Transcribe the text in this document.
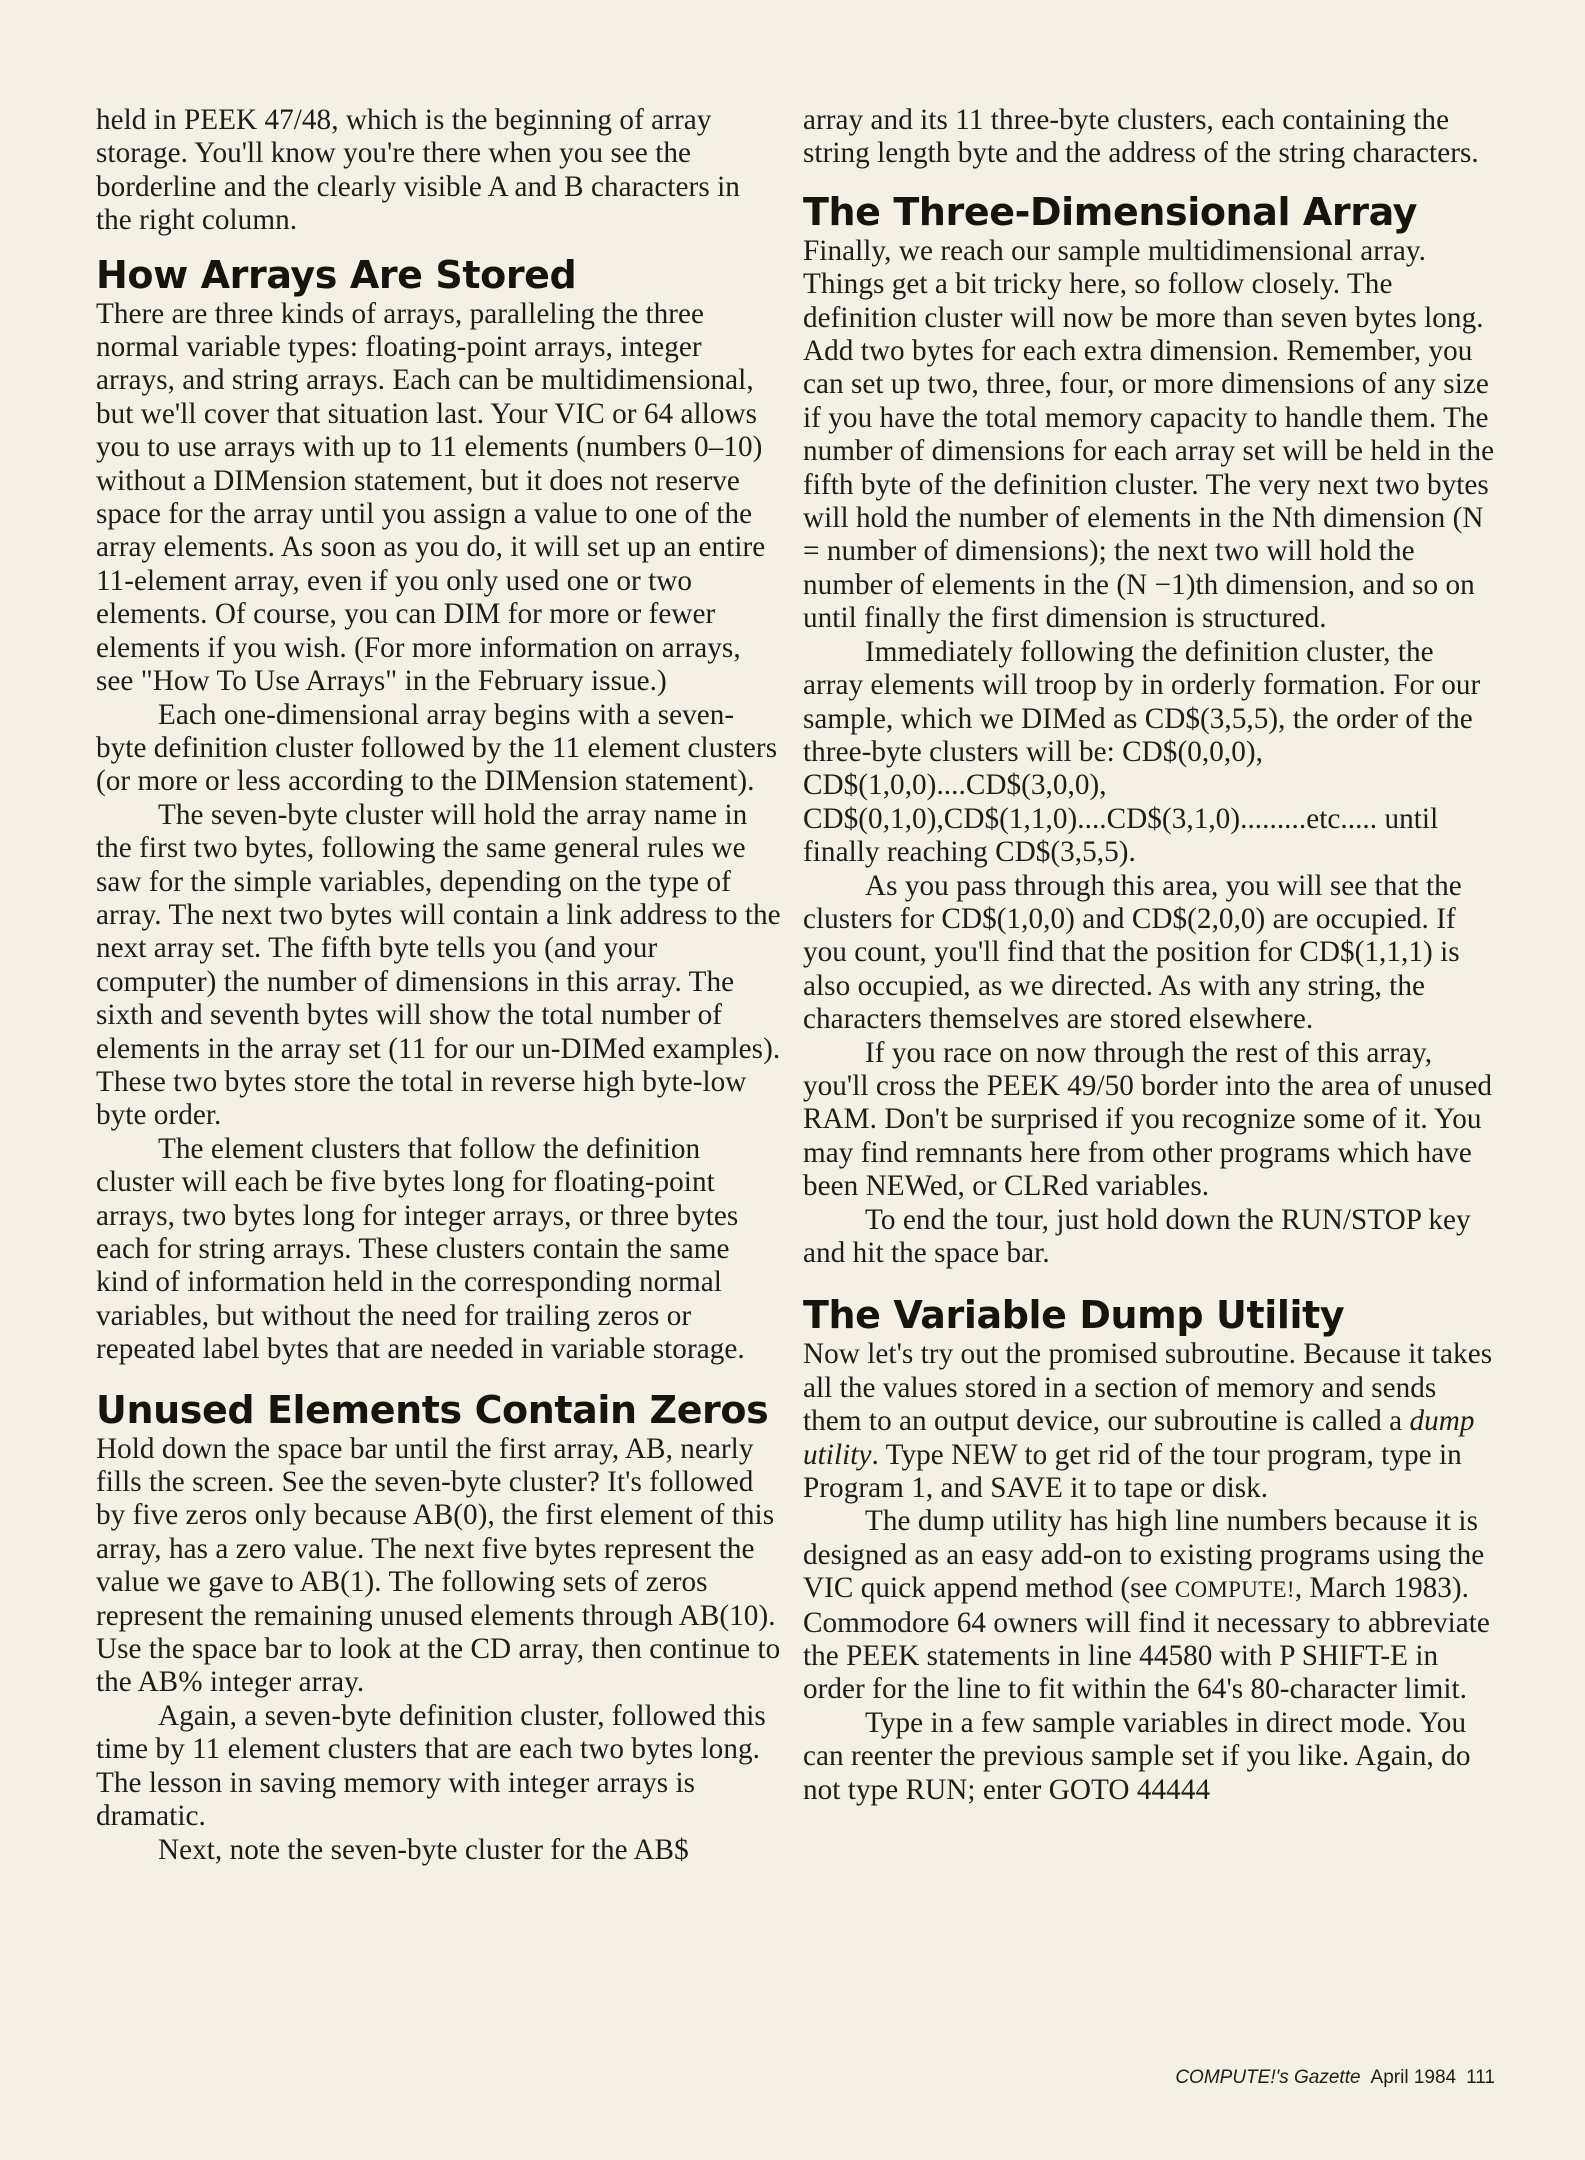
held in PEEK 47/48, which is the beginning of array storage. You'll know you're there when you see the borderline and the clearly visible A and B characters in the right column.

How Arrays Are Stored

There are three kinds of arrays, paralleling the three normal variable types: floating-point arrays, integer arrays, and string arrays. Each can be multidimensional, but we'll cover that situation last. Your VIC or 64 allows you to use arrays with up to 11 elements (numbers 0–10) without a DIMension statement, but it does not reserve space for the array until you assign a value to one of the array elements. As soon as you do, it will set up an entire 11-element array, even if you only used one or two elements. Of course, you can DIM for more or fewer elements if you wish. (For more information on arrays, see "How To Use Arrays" in the February issue.)

Each one-dimensional array begins with a seven-byte definition cluster followed by the 11 element clusters (or more or less according to the DIMension statement).

The seven-byte cluster will hold the array name in the first two bytes, following the same general rules we saw for the simple variables, depending on the type of array. The next two bytes will contain a link address to the next array set. The fifth byte tells you (and your computer) the number of dimensions in this array. The sixth and seventh bytes will show the total number of elements in the array set (11 for our un-DIMed examples). These two bytes store the total in reverse high byte-low byte order.

The element clusters that follow the definition cluster will each be five bytes long for floating-point arrays, two bytes long for integer arrays, or three bytes each for string arrays. These clusters contain the same kind of information held in the corresponding normal variables, but without the need for trailing zeros or repeated label bytes that are needed in variable storage.

Unused Elements Contain Zeros

Hold down the space bar until the first array, AB, nearly fills the screen. See the seven-byte cluster? It's followed by five zeros only because AB(0), the first element of this array, has a zero value. The next five bytes represent the value we gave to AB(1). The following sets of zeros represent the remaining unused elements through AB(10). Use the space bar to look at the CD array, then continue to the AB% integer array.

Again, a seven-byte definition cluster, followed this time by 11 element clusters that are each two bytes long. The lesson in saving memory with integer arrays is dramatic.

Next, note the seven-byte cluster for the AB$

array and its 11 three-byte clusters, each containing the string length byte and the address of the string characters.

The Three-Dimensional Array

Finally, we reach our sample multidimensional array. Things get a bit tricky here, so follow closely. The definition cluster will now be more than seven bytes long. Add two bytes for each extra dimension. Remember, you can set up two, three, four, or more dimensions of any size if you have the total memory capacity to handle them. The number of dimensions for each array set will be held in the fifth byte of the definition cluster. The very next two bytes will hold the number of elements in the Nth dimension (N = number of dimensions); the next two will hold the number of elements in the (N −1)th dimension, and so on until finally the first dimension is structured.

Immediately following the definition cluster, the array elements will troop by in orderly formation. For our sample, which we DIMed as CD$(3,5,5), the order of the three-byte clusters will be: CD$(0,0,0), CD$(1,0,0)....CD$(3,0,0), CD$(0,1,0),CD$(1,1,0)....CD$(3,1,0).........etc..... until finally reaching CD$(3,5,5).

As you pass through this area, you will see that the clusters for CD$(1,0,0) and CD$(2,0,0) are occupied. If you count, you'll find that the position for CD$(1,1,1) is also occupied, as we directed. As with any string, the characters themselves are stored elsewhere.

If you race on now through the rest of this array, you'll cross the PEEK 49/50 border into the area of unused RAM. Don't be surprised if you recognize some of it. You may find remnants here from other programs which have been NEWed, or CLRed variables.

To end the tour, just hold down the RUN/STOP key and hit the space bar.

The Variable Dump Utility

Now let's try out the promised subroutine. Because it takes all the values stored in a section of memory and sends them to an output device, our subroutine is called a dump utility. Type NEW to get rid of the tour program, type in Program 1, and SAVE it to tape or disk.

The dump utility has high line numbers because it is designed as an easy add-on to existing programs using the VIC quick append method (see COMPUTE!, March 1983). Commodore 64 owners will find it necessary to abbreviate the PEEK statements in line 44580 with P SHIFT-E in order for the line to fit within the 64's 80-character limit.

Type in a few sample variables in direct mode. You can reenter the previous sample set if you like. Again, do not type RUN; enter GOTO 44444

COMPUTE!'s Gazette April 1984 111
